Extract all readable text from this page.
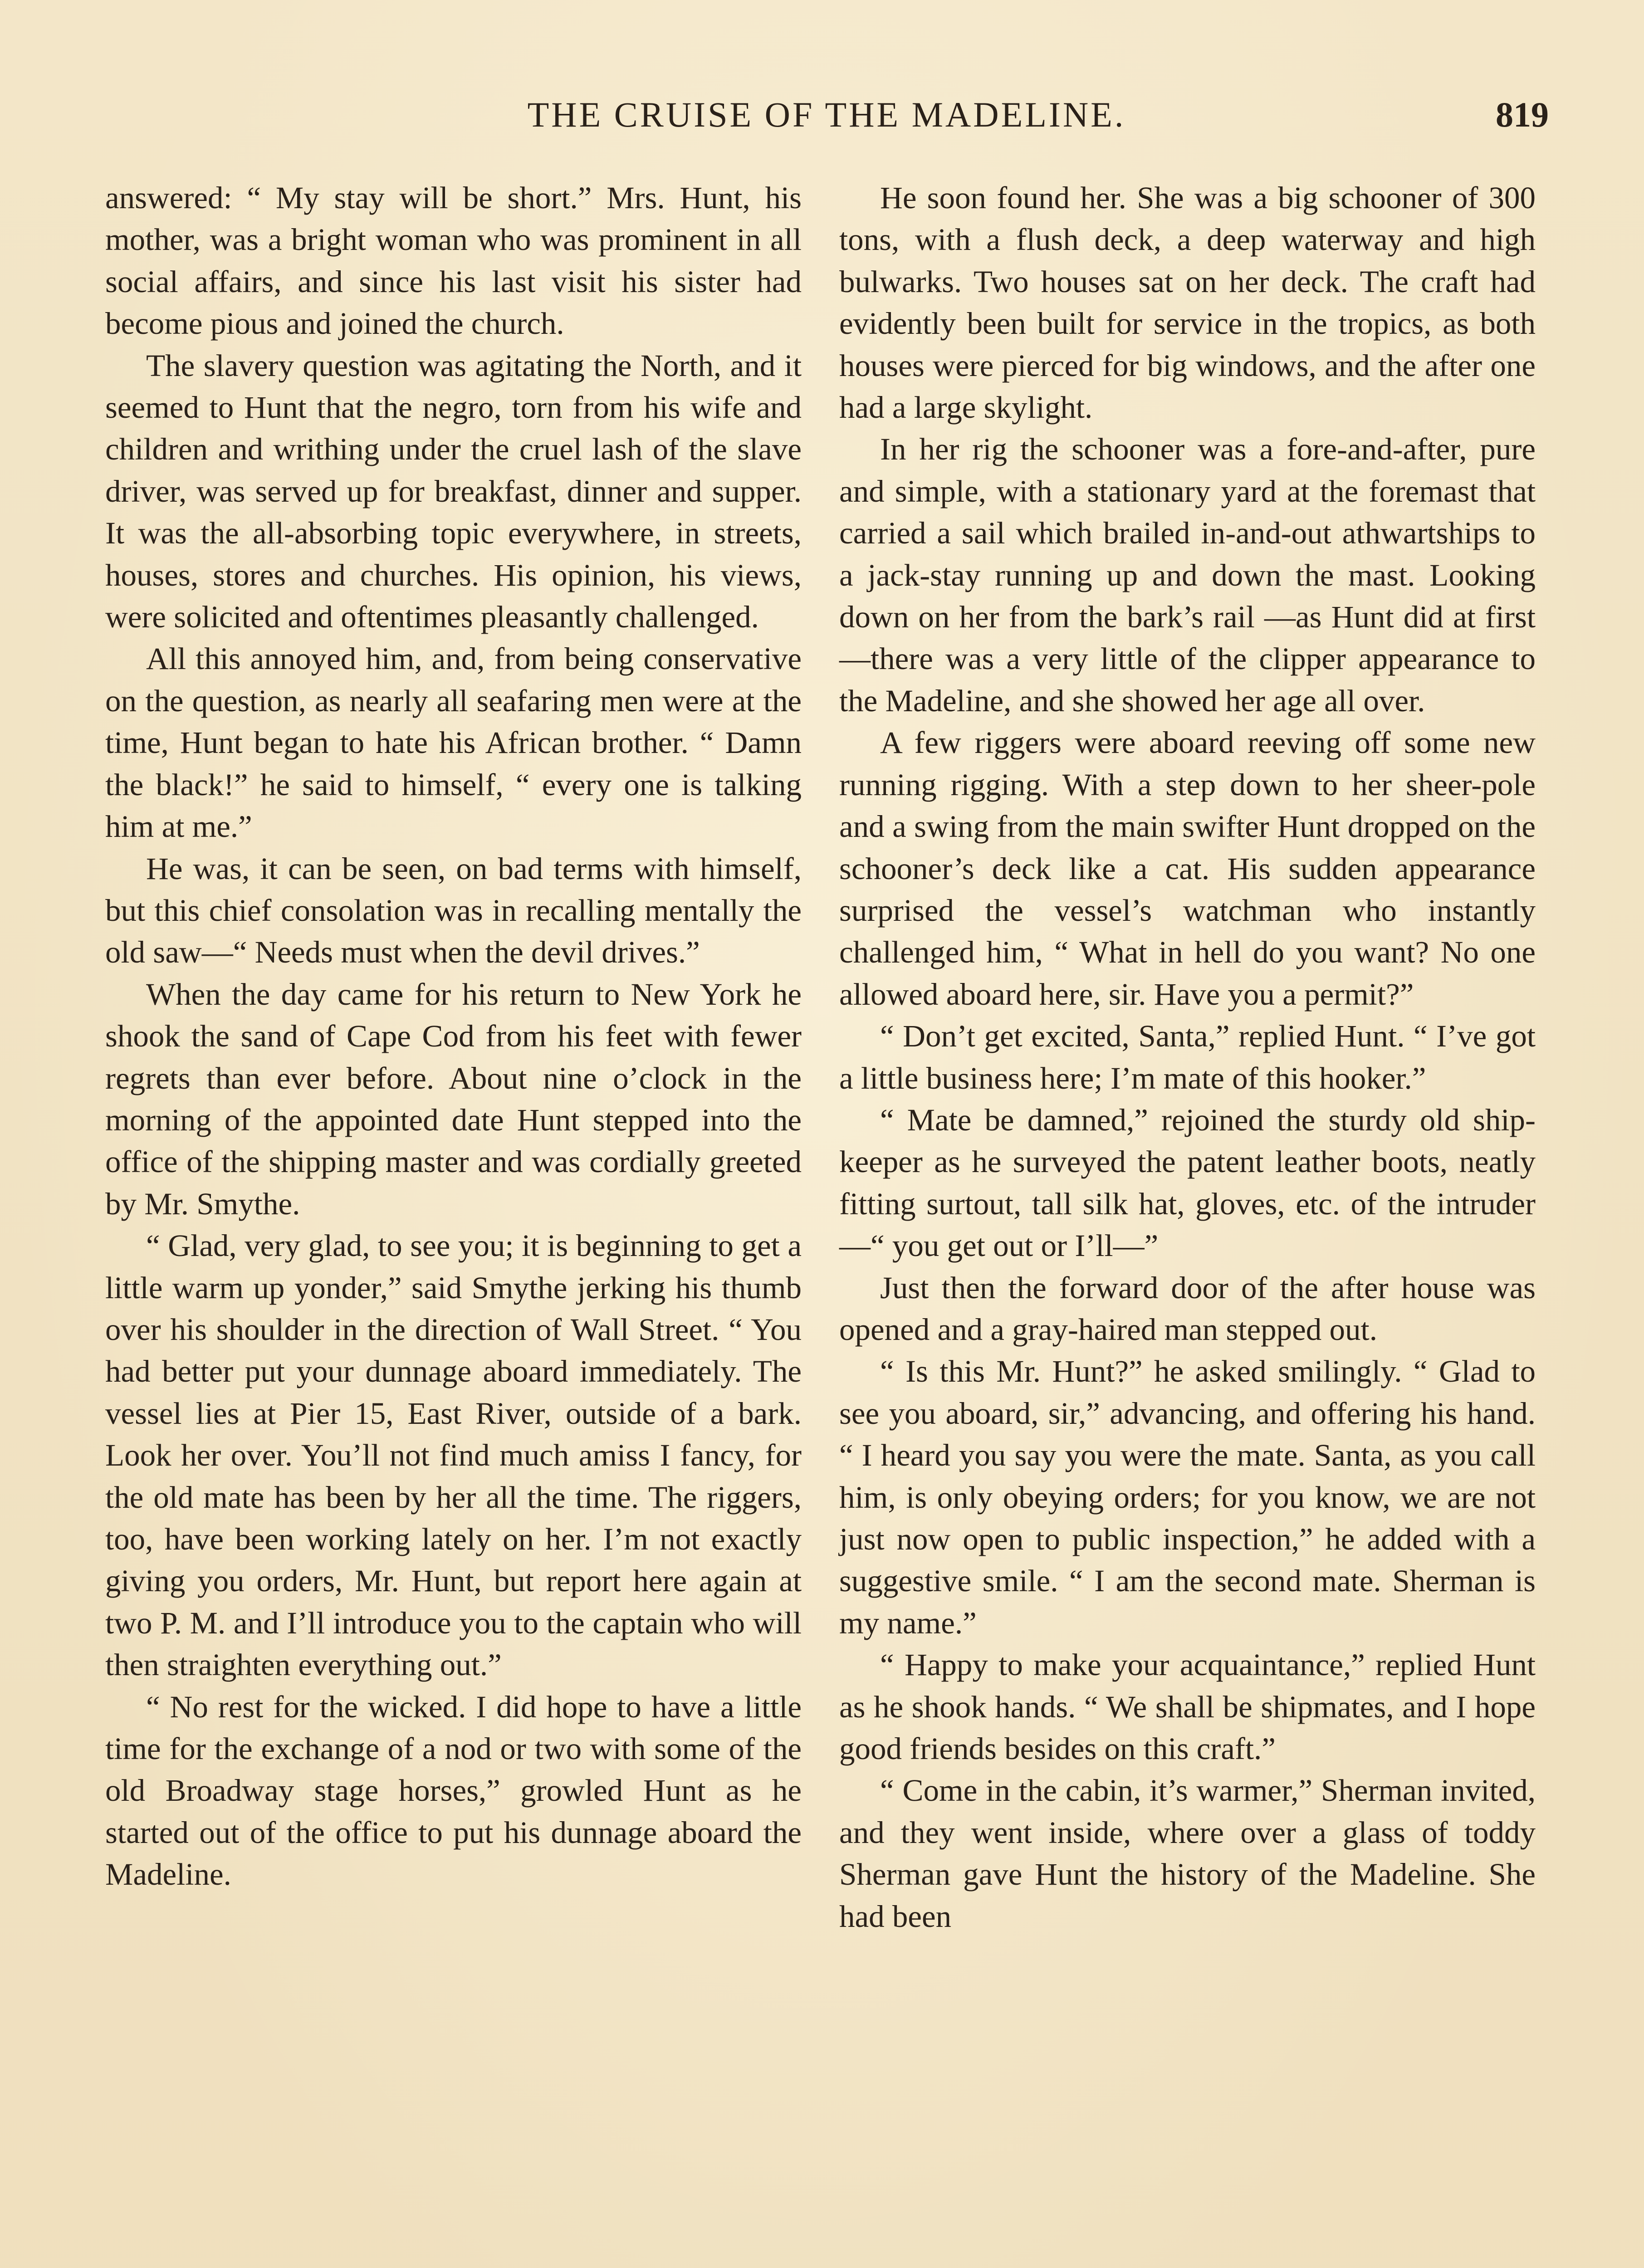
THE CRUISE OF THE MADELINE.	819

answered: “ My stay will be short.” Mrs. Hunt, his mother, was a bright woman who was prominent in all social affairs, and since his last visit his sister had become pious and joined the church.

The slavery question was agitating the North, and it seemed to Hunt that the negro, torn from his wife and children and writhing under the cruel lash of the slave driver, was served up for breakfast, dinner and supper. It was the all-absorbing topic everywhere, in streets, houses, stores and churches. His opinion, his views, were solicited and oftentimes pleasantly challenged.

All this annoyed him, and, from being conservative on the question, as nearly all seafaring men were at the time, Hunt began to hate his African brother. “ Damn the black!” he said to himself, “ every one is talking him at me.”

He was, it can be seen, on bad terms with himself, but this chief consolation was in recalling mentally the old saw—“ Needs must when the devil drives.”

When the day came for his return to New York he shook the sand of Cape Cod from his feet with fewer regrets than ever before. About nine o’clock in the morning of the appointed date Hunt stepped into the office of the shipping master and was cordially greeted by Mr. Smythe.

“ Glad, very glad, to see you; it is beginning to get a little warm up yonder,” said Smythe jerking his thumb over his shoulder in the direction of Wall Street. “ You had better put your dunnage aboard immediately. The vessel lies at Pier 15, East River, outside of a bark. Look her over. You’ll not find much amiss I fancy, for the old mate has been by her all the time. The riggers, too, have been working lately on her. I’m not exactly giving you orders, Mr. Hunt, but report here again at two P. M. and I’ll introduce you to the captain who will then straighten everything out.”

“ No rest for the wicked. I did hope to have a little time for the exchange of a nod or two with some of the old Broadway stage horses,” growled Hunt as he started out of the office to put his dunnage aboard the Madeline.

He soon found her. She was a big schooner of 300 tons, with a flush deck, a deep waterway and high bulwarks. Two houses sat on her deck. The craft had evidently been built for service in the tropics, as both houses were pierced for big windows, and the after one had a large skylight.

In her rig the schooner was a fore-and-after, pure and simple, with a stationary yard at the foremast that carried a sail which brailed in-and-out athwartships to a jack-stay running up and down the mast. Looking down on her from the bark’s rail —as Hunt did at first—there was a very little of the clipper appearance to the Madeline, and she showed her age all over.

A few riggers were aboard reeving off some new running rigging. With a step down to her sheer-pole and a swing from the main swifter Hunt dropped on the schooner’s deck like a cat. His sudden appearance surprised the vessel’s watchman who instantly challenged him, “ What in hell do you want? No one allowed aboard here, sir. Have you a permit?”

“ Don’t get excited, Santa,” replied Hunt. “ I’ve got a little business here; I’m mate of this hooker.”

“ Mate be damned,” rejoined the sturdy old ship-keeper as he surveyed the patent leather boots, neatly fitting surtout, tall silk hat, gloves, etc. of the intruder—“ you get out or I’ll—”

Just then the forward door of the after house was opened and a gray-haired man stepped out.

“ Is this Mr. Hunt?” he asked smilingly. “ Glad to see you aboard, sir,” advancing, and offering his hand. “ I heard you say you were the mate. Santa, as you call him, is only obeying orders; for you know, we are not just now open to public inspection,” he added with a suggestive smile. “ I am the second mate. Sherman is my name.”

“ Happy to make your acquaintance,” replied Hunt as he shook hands. “ We shall be shipmates, and I hope good friends besides on this craft.”

“ Come in the cabin, it’s warmer,” Sherman invited, and they went inside, where over a glass of toddy Sherman gave Hunt the history of the Madeline. She had been
